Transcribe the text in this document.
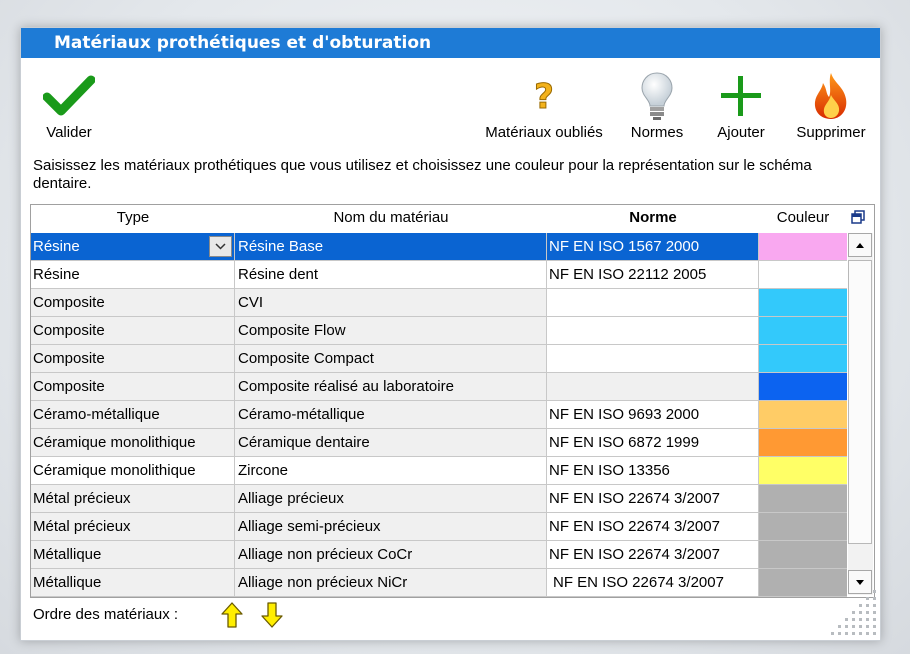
Matériaux prothétiques et d'obturation
Valider
?
Matériaux oubliés	Normes	Ajouter	Supprimer
Saisissez les matériaux prothétiques que vous utilisez et choisissez une couleur pour la représentation sur le schéma dentaire.
Type	Nom du matériau	Norme	Couleur
Résine	Résine Base	NF EN ISO 1567 2000
Résine	Résine dent	NF EN ISO 22112 2005
Composite	CVI
Composite	Composite Flow
Composite	Composite Compact
Composite	Composite réalisé au laboratoire
Céramo-métallique	Céramo-métallique	NF EN ISO 9693 2000
Céramique monolithique	Céramique dentaire	NF EN ISO 6872 1999
Céramique monolithique	Zircone	NF EN ISO 13356
Métal précieux	Alliage précieux	NF EN ISO 22674 3/2007
Métal précieux	Alliage semi-précieux	NF EN ISO 22674 3/2007
Métallique	Alliage non précieux CoCr	NF EN ISO 22674 3/2007
Métallique	Alliage non précieux NiCr	NF EN ISO 22674 3/2007
Ordre des matériaux :
